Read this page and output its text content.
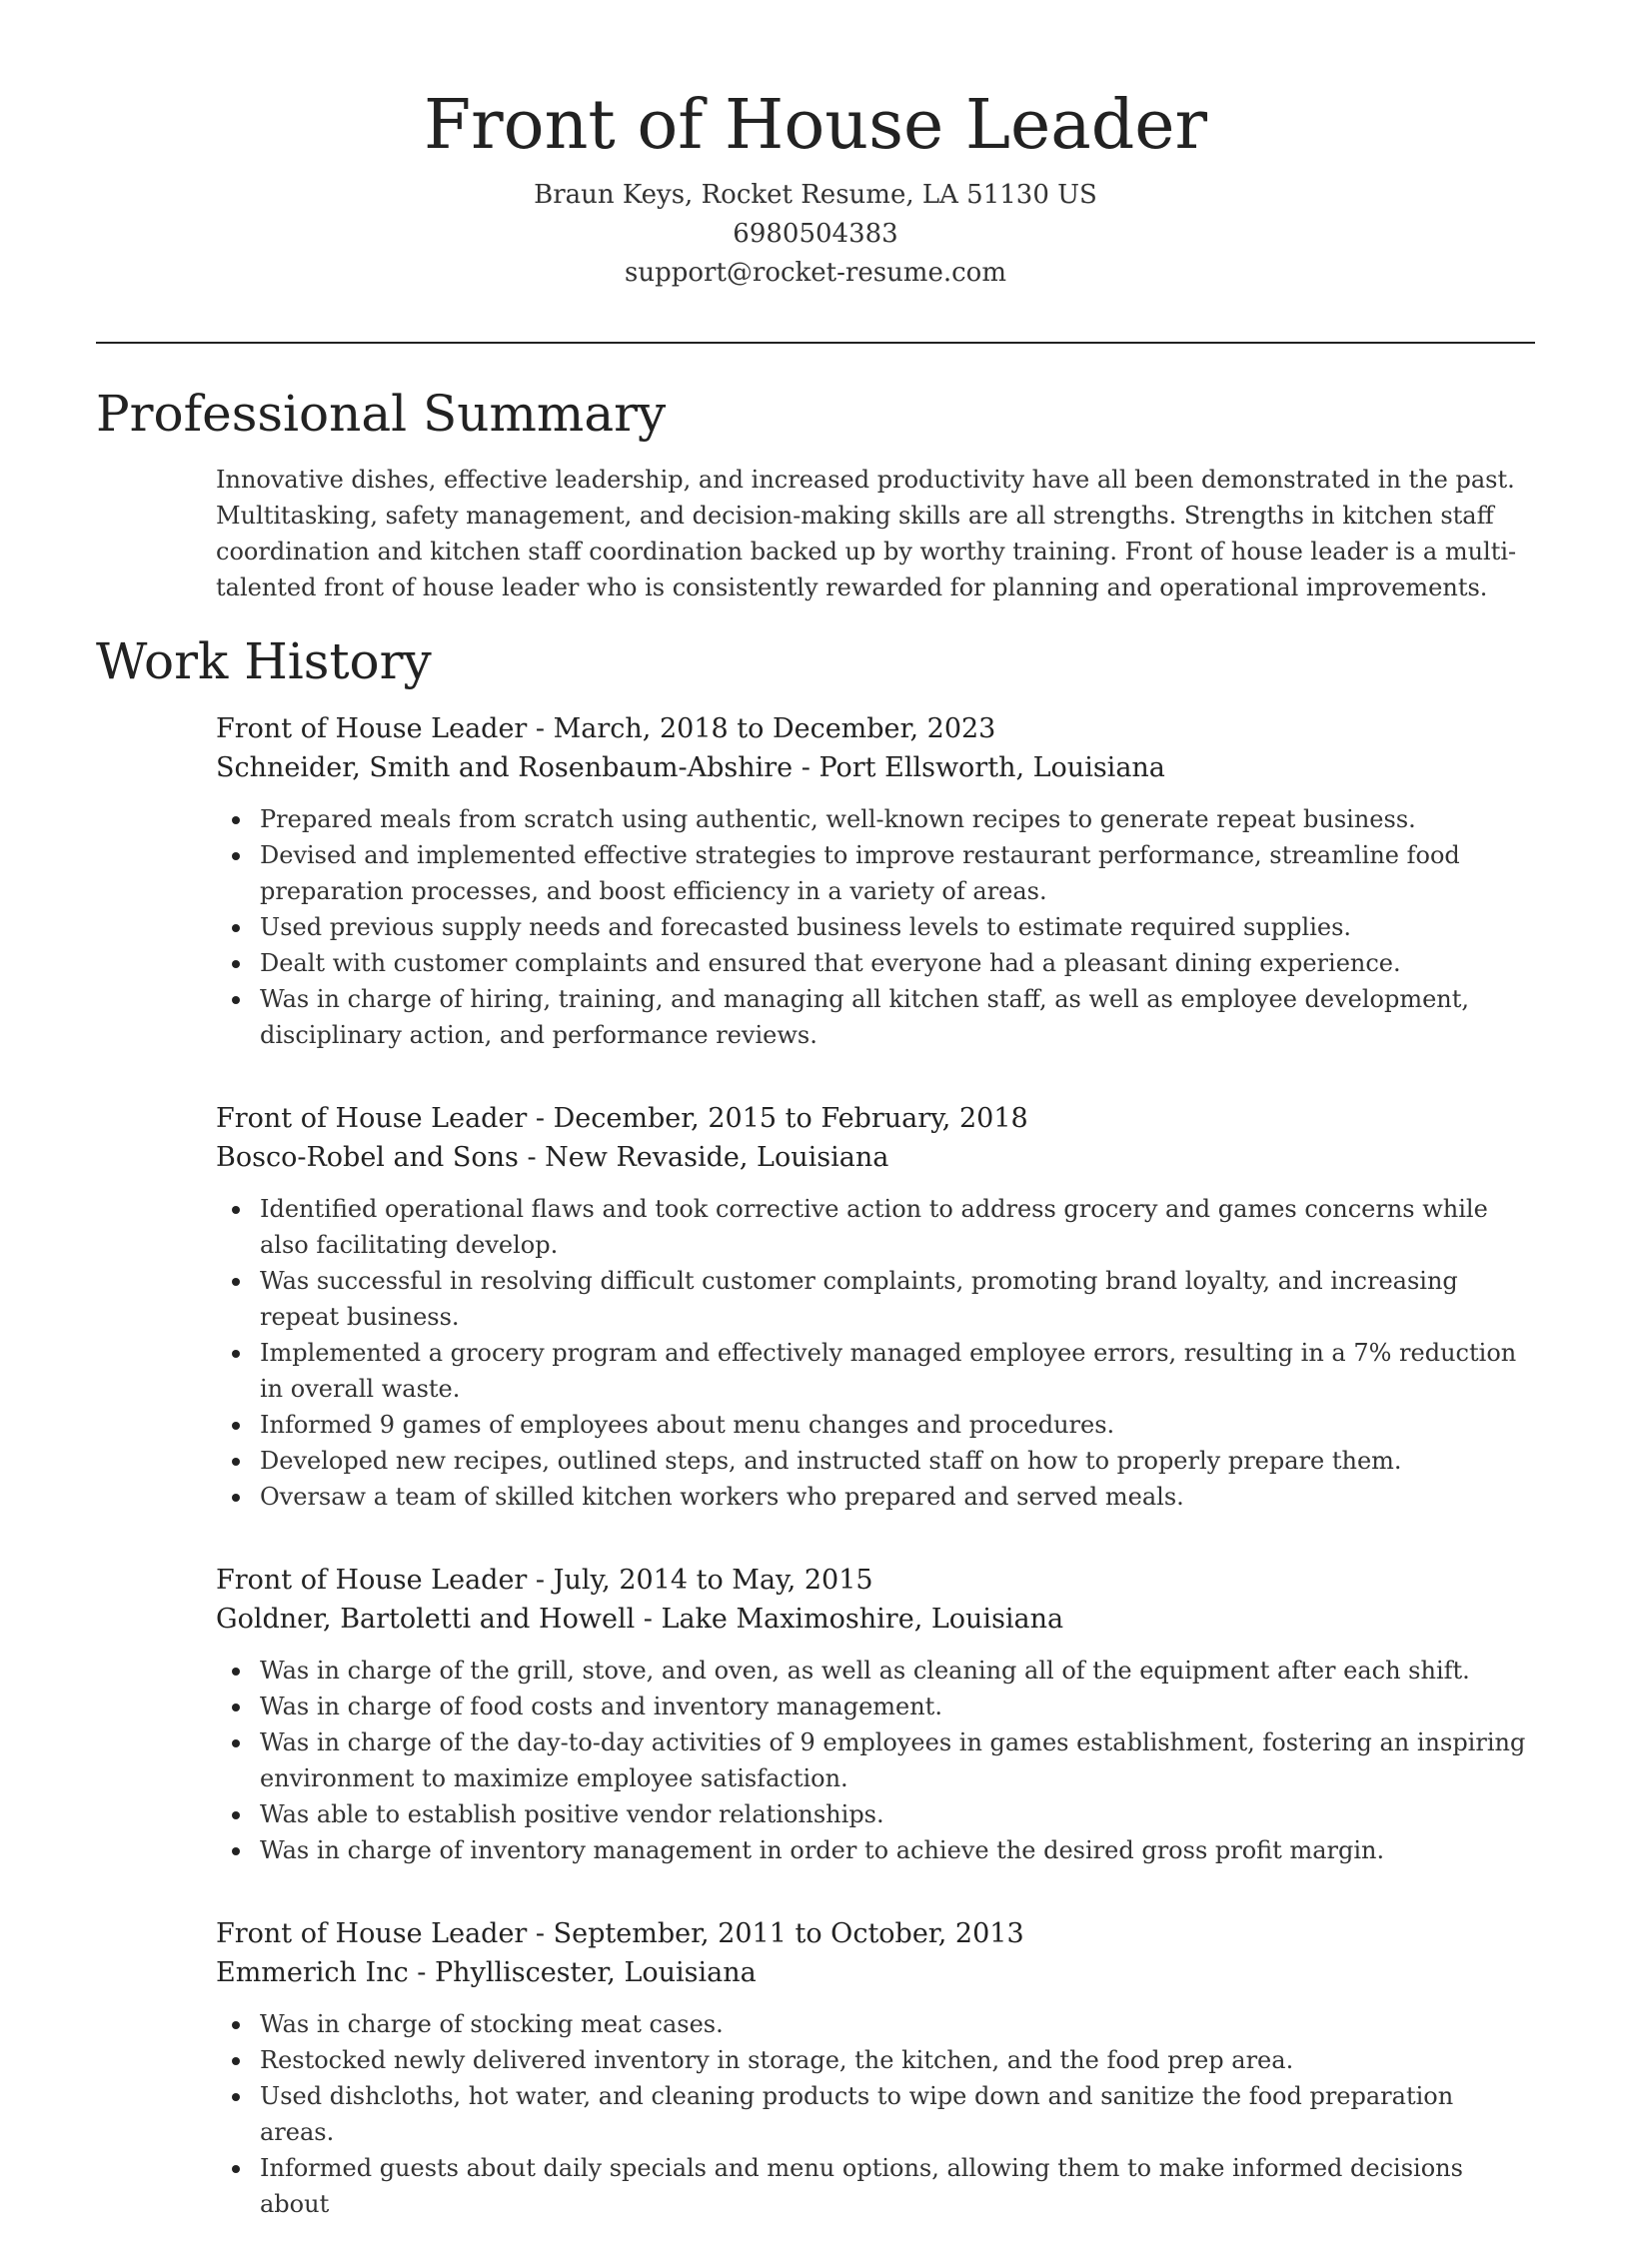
Front of House Leader
Braun Keys, Rocket Resume, LA 51130 US
6980504383
support@rocket-resume.com
Professional Summary

Innovative dishes, effective leadership, and increased productivity have all been demonstrated in the past. Multitasking, safety management, and decision-making skills are all strengths. Strengths in kitchen staff coordination and kitchen staff coordination backed up by worthy training. Front of house leader is a multi-talented front of house leader who is consistently rewarded for planning and operational improvements.

Work History
Front of House Leader - March, 2018 to December, 2023
Schneider, Smith and Rosenbaum-Abshire - Port Ellsworth, Louisiana
Prepared meals from scratch using authentic, well-known recipes to generate repeat business.
Devised and implemented effective strategies to improve restaurant performance, streamline food preparation processes, and boost efficiency in a variety of areas.
Used previous supply needs and forecasted business levels to estimate required supplies.
Dealt with customer complaints and ensured that everyone had a pleasant dining experience.
Was in charge of hiring, training, and managing all kitchen staff, as well as employee development, disciplinary action, and performance reviews.
Front of House Leader - December, 2015 to February, 2018
Bosco-Robel and Sons - New Revaside, Louisiana
Identified operational flaws and took corrective action to address grocery and games concerns while also facilitating develop.
Was successful in resolving difficult customer complaints, promoting brand loyalty, and increasing repeat business.
Implemented a grocery program and effectively managed employee errors, resulting in a 7% reduction in overall waste.
Informed 9 games of employees about menu changes and procedures.
Developed new recipes, outlined steps, and instructed staff on how to properly prepare them.
Oversaw a team of skilled kitchen workers who prepared and served meals.
Front of House Leader - July, 2014 to May, 2015
Goldner, Bartoletti and Howell - Lake Maximoshire, Louisiana
Was in charge of the grill, stove, and oven, as well as cleaning all of the equipment after each shift.
Was in charge of food costs and inventory management.
Was in charge of the day-to-day activities of 9 employees in games establishment, fostering an inspiring environment to maximize employee satisfaction.
Was able to establish positive vendor relationships.
Was in charge of inventory management in order to achieve the desired gross profit margin.
Front of House Leader - September, 2011 to October, 2013
Emmerich Inc - Phylliscester, Louisiana
Was in charge of stocking meat cases.
Restocked newly delivered inventory in storage, the kitchen, and the food prep area.
Used dishcloths, hot water, and cleaning products to wipe down and sanitize the food preparation areas.
Informed guests about daily specials and menu options, allowing them to make informed decisions about
